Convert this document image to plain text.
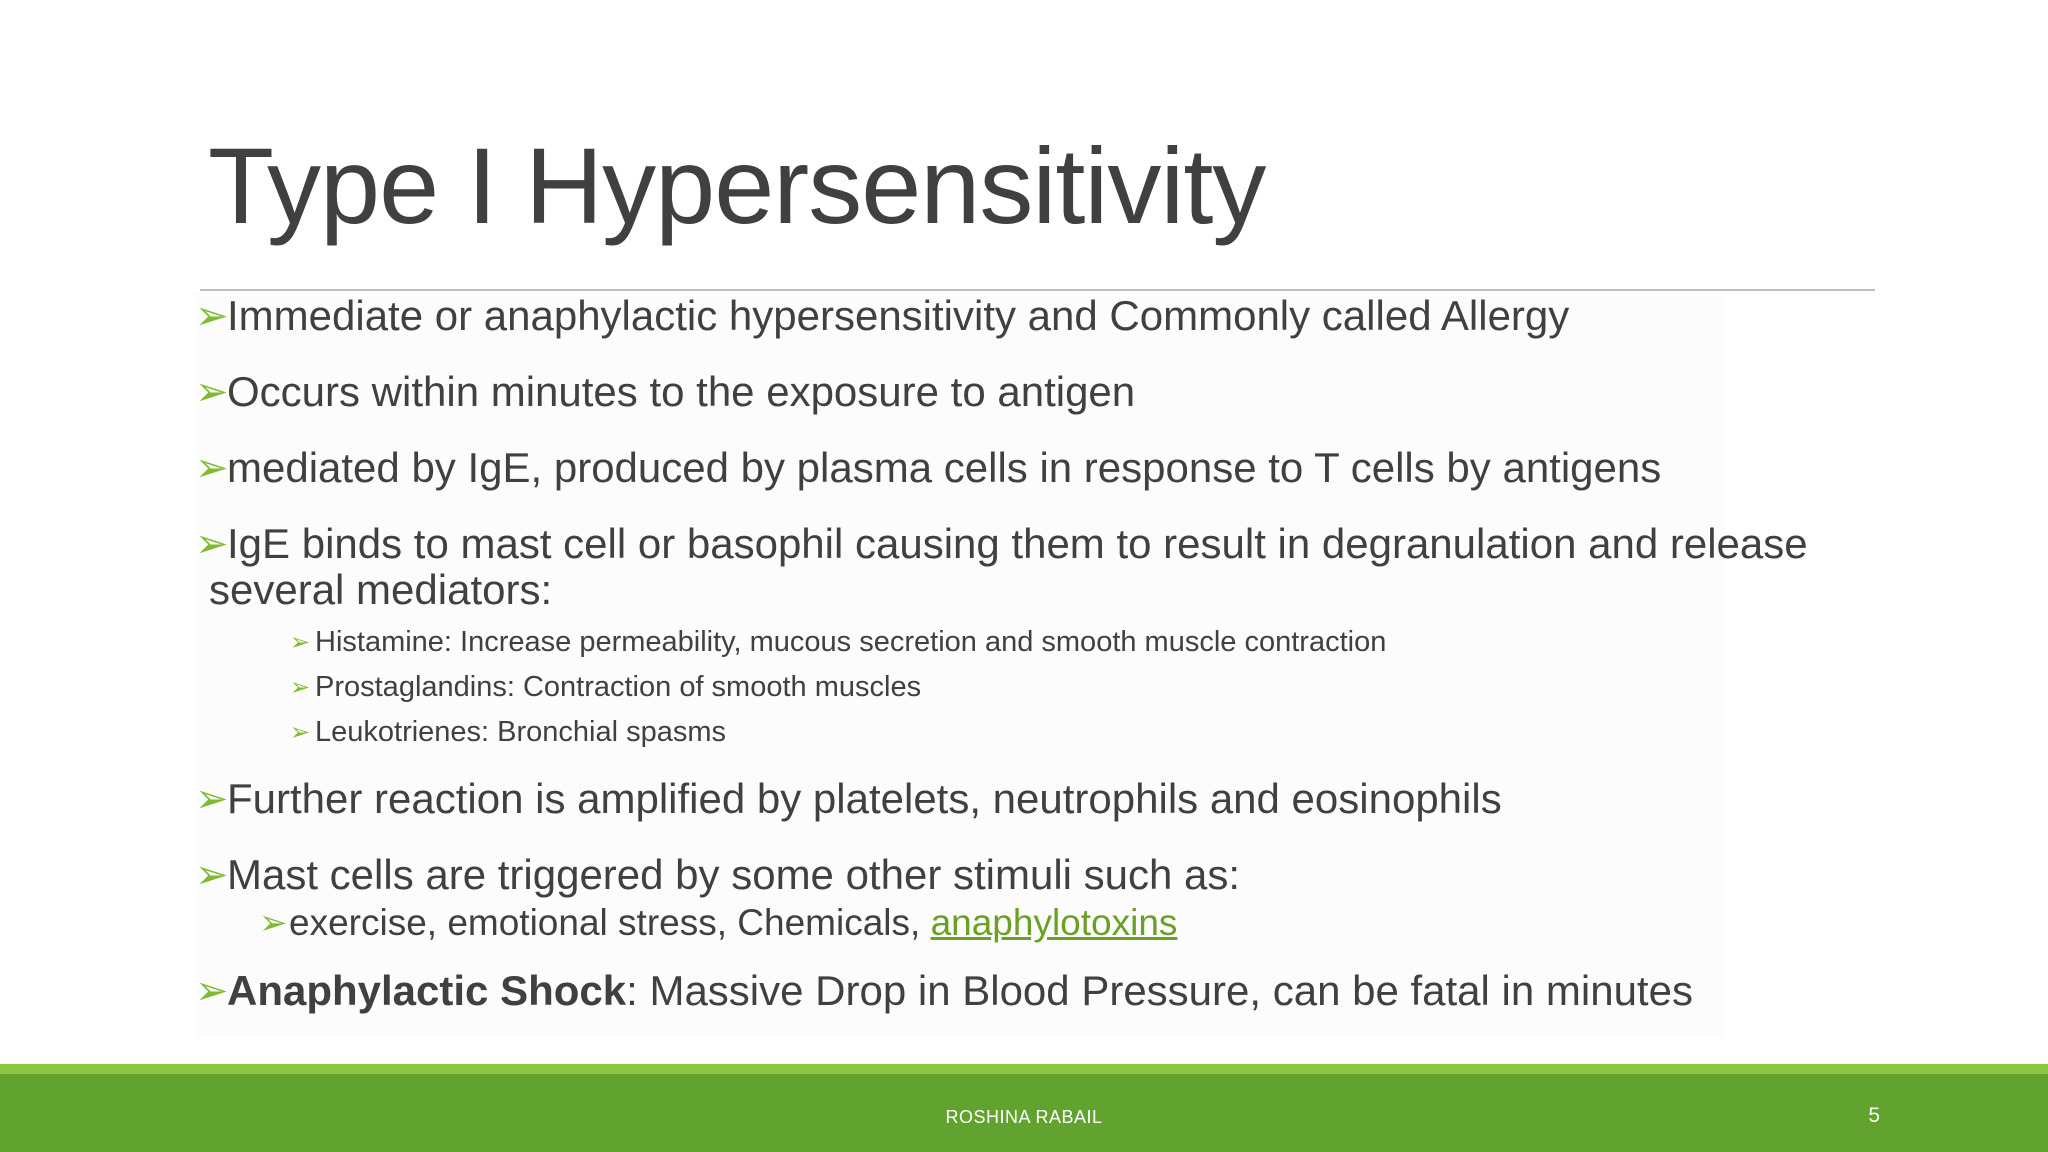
Type I Hypersensitivity
➢
Immediate or anaphylactic hypersensitivity and Commonly called Allergy
➢
Occurs within minutes to the exposure to antigen
➢
mediated by IgE, produced by plasma cells in response to T cells by antigens
➢
IgE binds to mast cell or basophil causing them to result in degranulation and release
several mediators:
➢ Histamine: Increase permeability, mucous secretion and smooth muscle contraction
➢ Prostaglandins: Contraction of smooth muscles
➢ Leukotrienes: Bronchial spasms
➢
Further reaction is amplified by platelets, neutrophils and eosinophils
➢
Mast cells are triggered by some other stimuli such as:
➢ exercise, emotional stress, Chemicals, anaphylotoxins
➢
Anaphylactic Shock: Massive Drop in Blood Pressure, can be fatal in minutes
ROSHINA RABAIL	5
